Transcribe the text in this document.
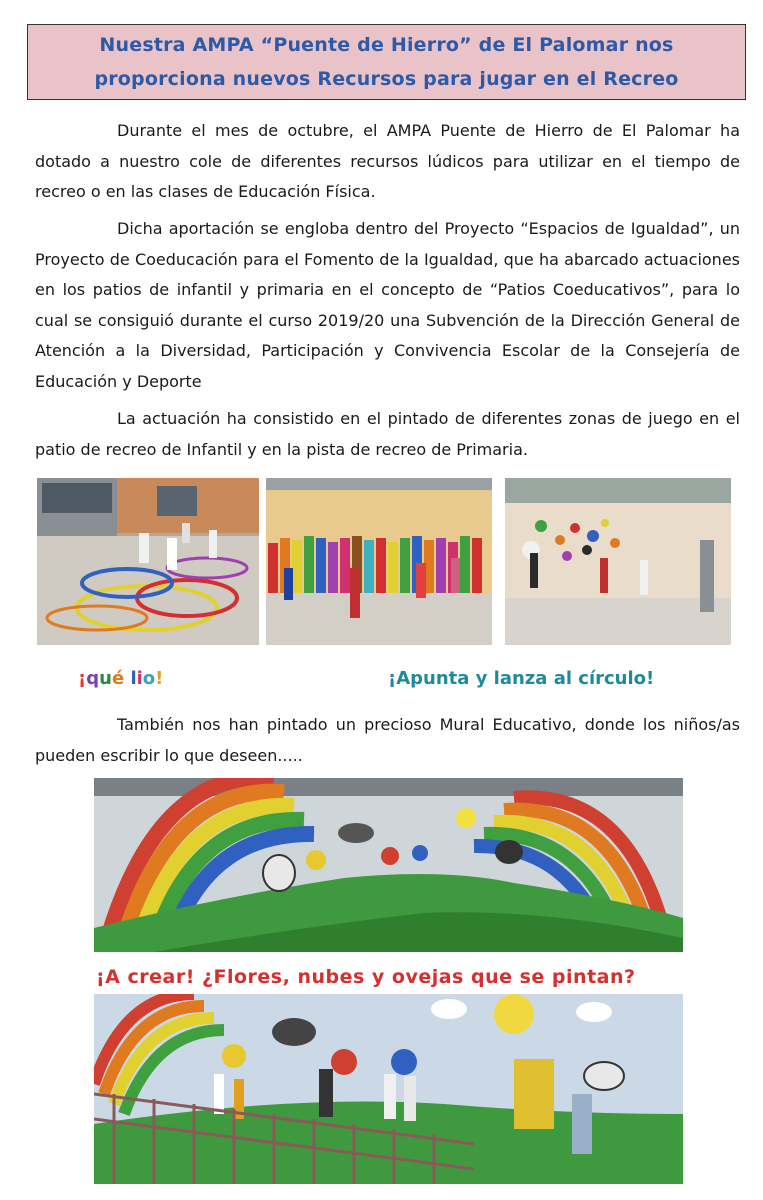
Nuestra AMPA “Puente de Hierro” de El Palomar nos
proporciona nuevos Recursos para jugar en el Recreo

Durante el mes de octubre, el AMPA Puente de Hierro de El Palomar ha dotado a nuestro cole de diferentes recursos lúdicos para utilizar en el tiempo de recreo o en las clases de Educación Física.

Dicha aportación se engloba dentro del Proyecto “Espacios de Igualdad”, un Proyecto de Coeducación para el Fomento de la Igualdad, que ha abarcado actuaciones en los patios de infantil y primaria en el concepto de “Patios Coeducativos”, para lo cual se consiguió durante el curso 2019/20 una Subvención de la Dirección General de Atención a la Diversidad, Participación y Convivencia Escolar de la Consejería de Educación y Deporte

La actuación ha consistido en el pintado de diferentes zonas de juego en el patio de recreo de Infantil y en la pista de recreo de Primaria.

¡qué lio!	¡Apunta y lanza al círculo!

También nos han pintado un precioso Mural Educativo, donde los niños/as pueden escribir lo que deseen.....

¡A crear! ¿Flores, nubes y ovejas que se pintan?
